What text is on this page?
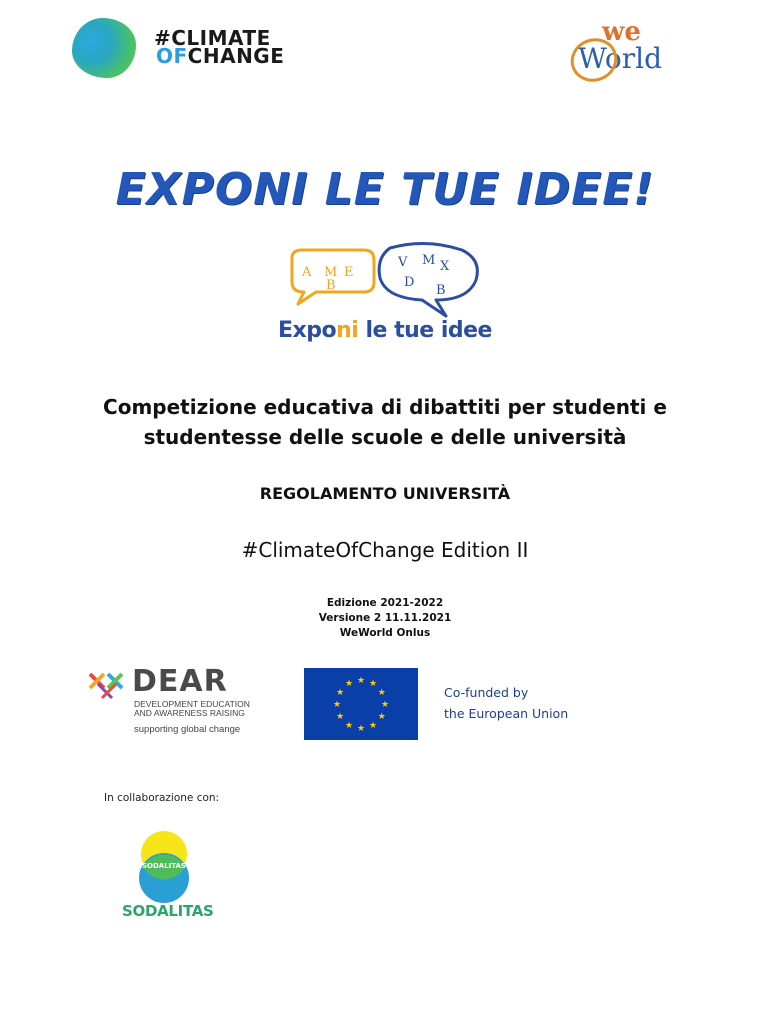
#CLIMATE
OFCHANGE
we
World
EXPONI LE TUE IDEE!
A M E
B
V M X
D
B
Exponi le tue idee
Competizione educativa di dibattiti per studenti e
studentesse delle scuole e delle università
REGOLAMENTO UNIVERSITÀ
#ClimateOfChange Edition II
Edizione 2021-2022
Versione 2 11.11.2021
WeWorld Onlus
DEAR
DEVELOPMENT EDUCATION
AND AWARENESS RAISING
supporting global change
★ ★
★
★
★
★
★
★
★
★
★
★
Co-funded by
the European Union
In collaborazione con:
SODALITAS
SODALITAS
